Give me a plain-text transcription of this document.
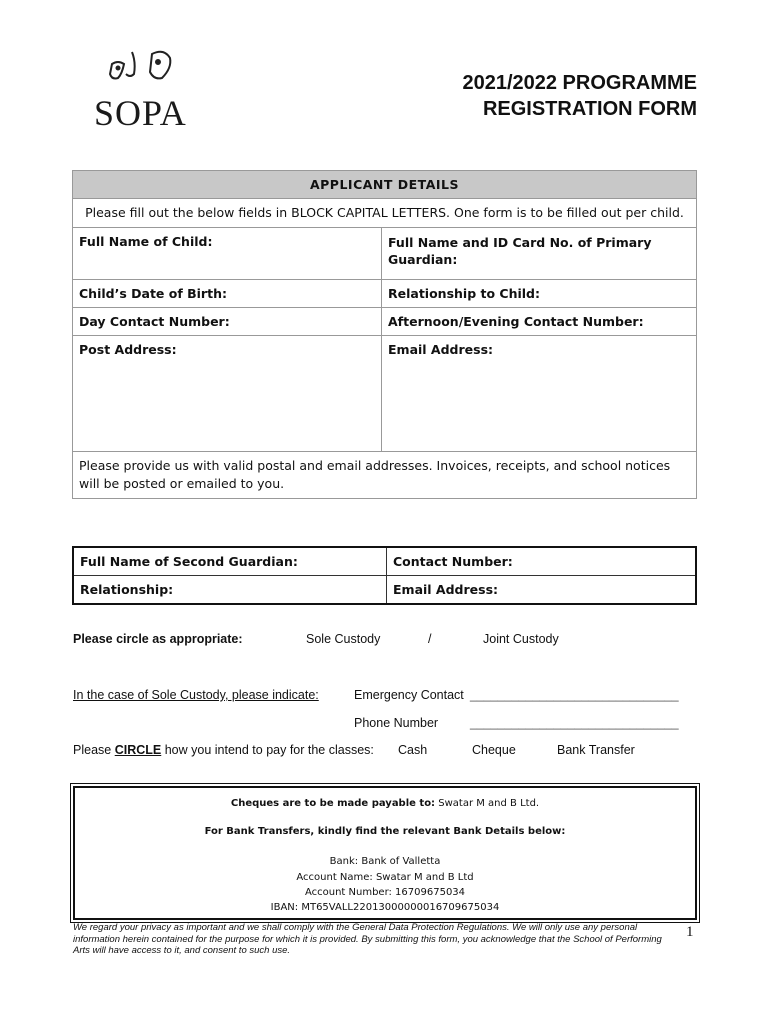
SOPA
2021/2022 PROGRAMME
REGISTRATION FORM
APPLICANT DETAILS	
Please fill out the below fields in BLOCK CAPITAL LETTERS. One form is to be filled out per child.	
Full Name of Child:	Full Name and ID Card No. of Primary Guardian:
Child’s Date of Birth:	Relationship to Child:
Day Contact Number:	Afternoon/Evening Contact Number:
Post Address:	Email Address:
Please provide us with valid postal and email addresses. Invoices, receipts, and school notices will be posted or emailed to you.	
Full Name of Second Guardian:	Contact Number:
Relationship:	Email Address:
Please circle as appropriate:	Sole Custody	/	Joint Custody
In the case of Sole Custody, please indicate:	Emergency Contact ______________________________
Phone Number	______________________________
Please CIRCLE how you intend to pay for the classes: Cash	Cheque	Bank Transfer
Cheques are to be made payable to: Swatar M and B Ltd.
For Bank Transfers, kindly find the relevant Bank Details below:
Bank: Bank of Valletta
Account Name: Swatar M and B Ltd
Account Number: 16709675034
IBAN: MT65VALL22013000000016709675034
We regard your privacy as important and we shall comply with the General Data Protection Regulations. We will only use any personal information herein contained for the purpose for which it is provided. By submitting this form, you acknowledge that the School of Performing Arts will have access to it, and consent to such use.
1
